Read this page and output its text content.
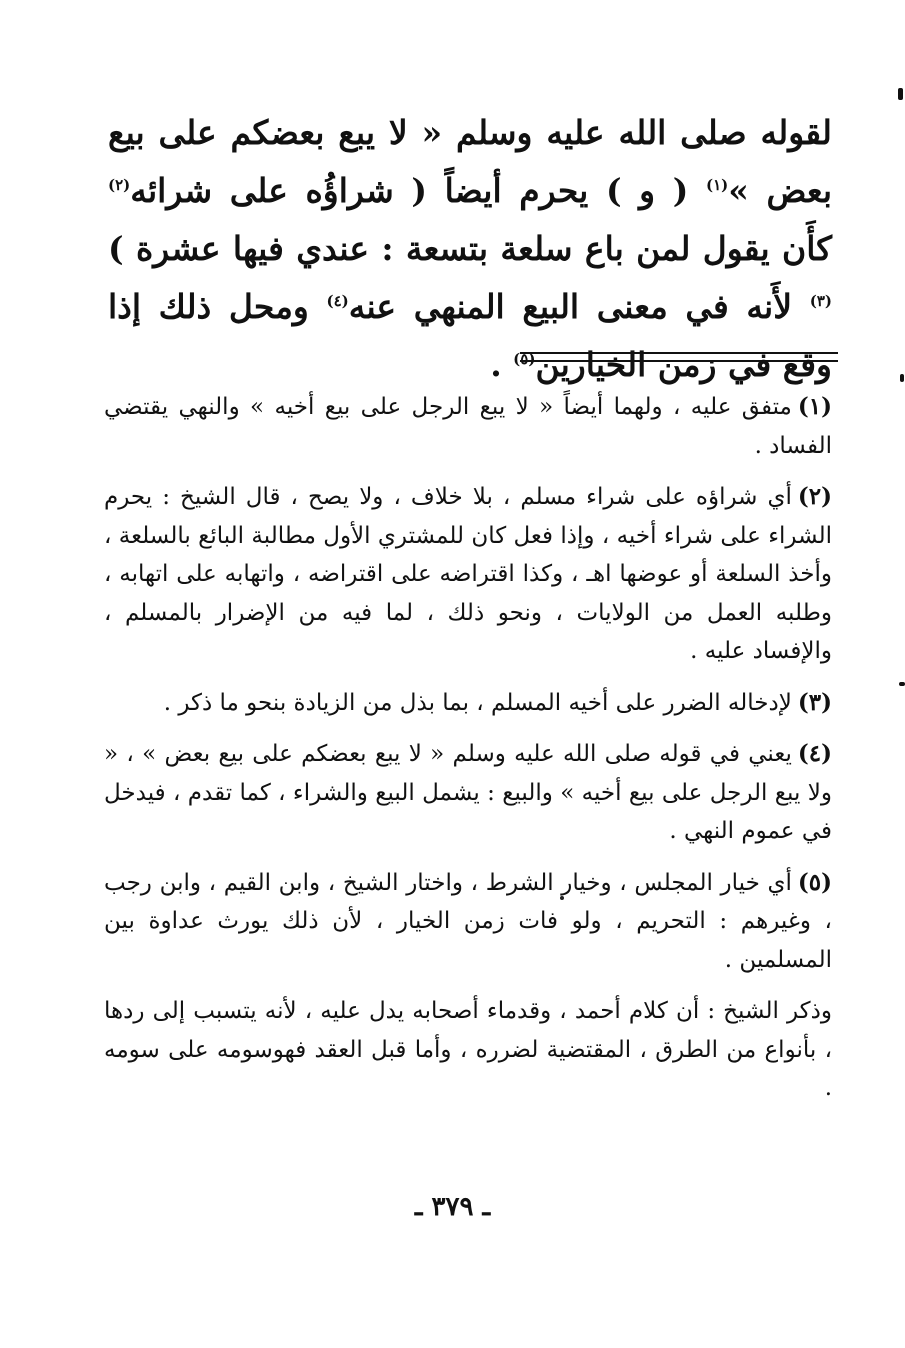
لقوله صلى الله عليه وسلم « لا يبع بعضكم على بيع بعض »$^{(١)}$ ( و ) يحرم أيضاً ( شراؤُه على شرائه$^{(٢)}$ كأَن يقول لمن باع سلعة بتسعة : عندي فيها عشرة )$^{(٣)}$ لأَنه في معنى البيع المنهي عنه$^{(٤)}$ ومحل ذلك إذا وقع في زمن الخيارين$^{(٥)}$ .

(١)متفق عليه ، ولهما أيضاً « لا يبع الرجل على بيع أخيه » والنهي يقتضي الفساد .

(٢)أي شراؤه على شراء مسلم ، بلا خلاف ، ولا يصح ، قال الشيخ : يحرم الشراء على شراء أخيه ، وإذا فعل كان للمشتري الأول مطالبة البائع بالسلعة ، وأخذ السلعة أو عوضها اهـ ، وكذا اقتراضه على اقتراضه ، واتهابه على اتهابه ، وطلبه العمل من الولايات ، ونحو ذلك ، لما فيه من الإضرار بالمسلم ، والإفساد عليه .

(٣)لإدخاله الضرر على أخيه المسلم ، بما بذل من الزيادة بنحو ما ذكر .

(٤)يعني في قوله صلى الله عليه وسلم « لا يبع بعضكم على بيع بعض » ، « ولا يبع الرجل على بيع أخيه » والبيع : يشمل البيع والشراء ، كما تقدم ، فيدخل في عموم النهي .

(٥)أي خيار المجلس ، وخيار الشرط ، واختار الشيخ ، وابن القيم ، وابن رجب ، وغيرهم : التحريم ، ولو فات زمن الخيار ، لأن ذلك يورث عداوة بين المسلمين .

وذكر الشيخ : أن كلام أحمد ، وقدماء أصحابه يدل عليه ، لأنه يتسبب إلى ردها ، بأنواع من الطرق ، المقتضية لضرره ، وأما قبل العقد فهوسومه على سومه .

ـ ٣٧٩ ـ
